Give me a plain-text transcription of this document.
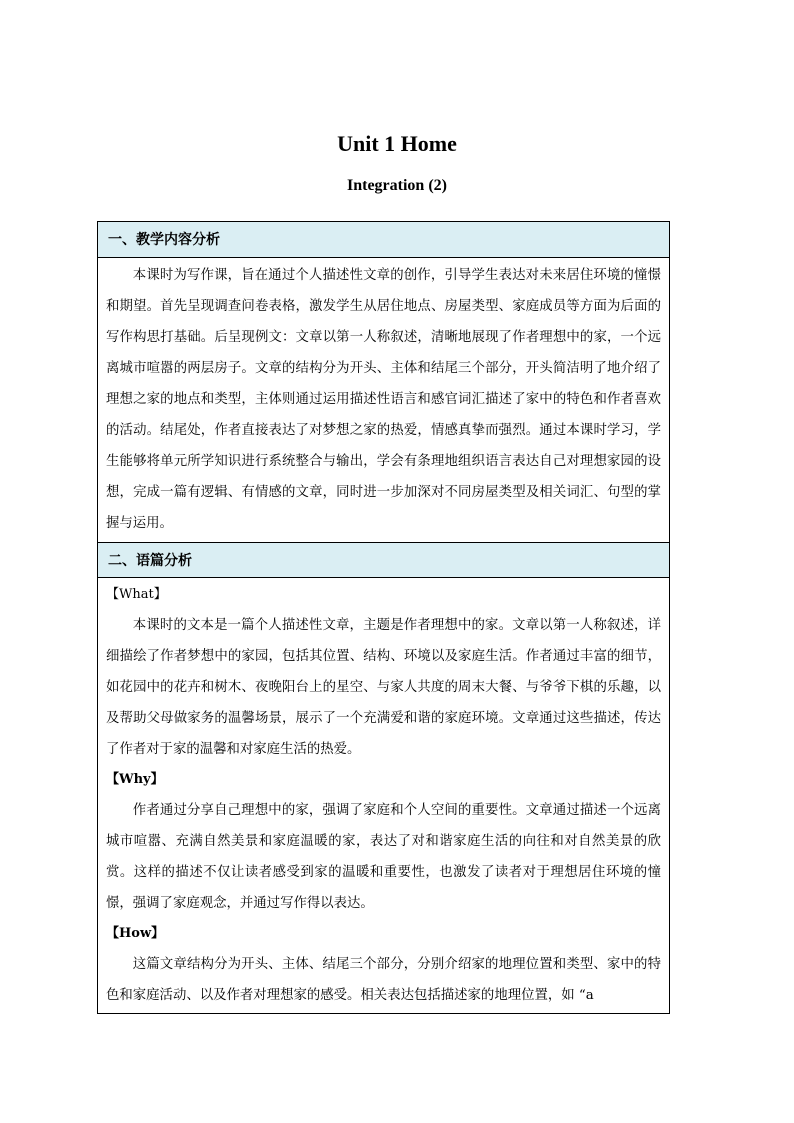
Unit 1 Home
Integration (2)
一、教学内容分析

本课时为写作课，旨在通过个人描述性文章的创作，引导学生表达对未来居住环境的憧憬和期望。首先呈现调查问卷表格，激发学生从居住地点、房屋类型、家庭成员等方面为后面的写作构思打基础。后呈现例文：文章以第一人称叙述，清晰地展现了作者理想中的家，一个远离城市喧嚣的两层房子。文章的结构分为开头、主体和结尾三个部分，开头简洁明了地介绍了理想之家的地点和类型，主体则通过运用描述性语言和感官词汇描述了家中的特色和作者喜欢的活动。结尾处，作者直接表达了对梦想之家的热爱，情感真挚而强烈。通过本课时学习，学生能够将单元所学知识进行系统整合与输出，学会有条理地组织语言表达自己对理想家园的设想，完成一篇有逻辑、有情感的文章，同时进一步加深对不同房屋类型及相关词汇、句型的掌握与运用。

二、语篇分析

【What】

本课时的文本是一篇个人描述性文章，主题是作者理想中的家。文章以第一人称叙述，详细描绘了作者梦想中的家园，包括其位置、结构、环境以及家庭生活。作者通过丰富的细节，如花园中的花卉和树木、夜晚阳台上的星空、与家人共度的周末大餐、与爷爷下棋的乐趣，以及帮助父母做家务的温馨场景，展示了一个充满爱和谐的家庭环境。文章通过这些描述，传达了作者对于家的温馨和对家庭生活的热爱。

【Why】

作者通过分享自己理想中的家，强调了家庭和个人空间的重要性。文章通过描述一个远离城市喧嚣、充满自然美景和家庭温暖的家，表达了对和谐家庭生活的向往和对自然美景的欣赏。这样的描述不仅让读者感受到家的温暖和重要性，也激发了读者对于理想居住环境的憧憬，强调了家庭观念，并通过写作得以表达。

【How】

这篇文章结构分为开头、主体、结尾三个部分，分别介绍家的地理位置和类型、家中的特色和家庭活动、以及作者对理想家的感受。相关表达包括描述家的地理位置，如 “a
